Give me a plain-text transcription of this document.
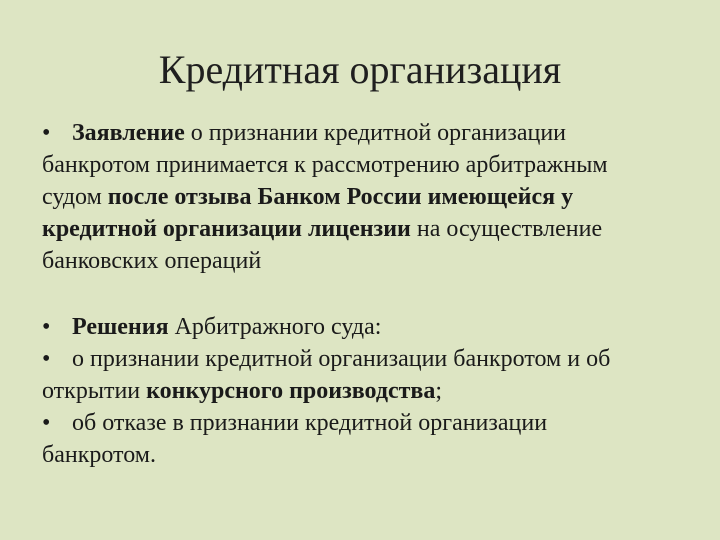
Кредитная организация

• Заявление о признании кредитной организации

банкротом принимается к рассмотрению арбитражным

судом после отзыва Банком России имеющейся у

кредитной организации лицензии на осуществление

банковских операций

• Решения Арбитражного суда:

• о признании кредитной организации банкротом и об

открытии конкурсного производства;

• об отказе в признании кредитной организации

банкротом.
